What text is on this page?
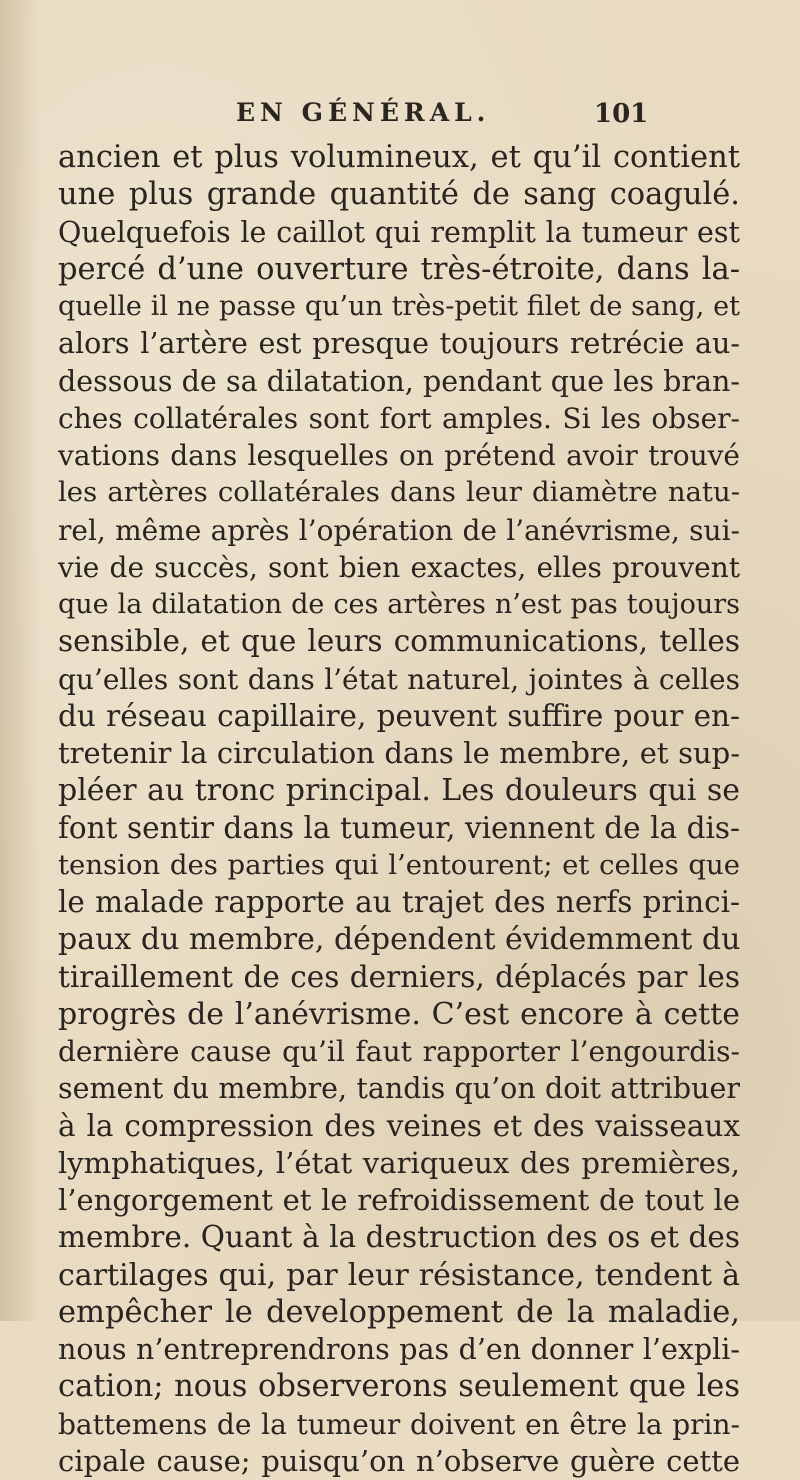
EN GÉNÉRAL.	101
ancien et plus volumineux, et qu’il contient
une plus grande quantité de sang coagulé.
Quelquefois le caillot qui remplit la tumeur est
percé d’une ouverture très-étroite, dans la-
quelle il ne passe qu’un très-petit filet de sang, et
alors l’artère est presque toujours retrécie au-
dessous de sa dilatation, pendant que les bran-
ches collatérales sont fort amples. Si les obser-
vations dans lesquelles on prétend avoir trouvé
les artères collatérales dans leur diamètre natu-
rel, même après l’opération de l’anévrisme, sui-
vie de succès, sont bien exactes, elles prouvent
que la dilatation de ces artères n’est pas toujours
sensible, et que leurs communications, telles
qu’elles sont dans l’état naturel, jointes à celles
du réseau capillaire, peuvent suffire pour en-
tretenir la circulation dans le membre, et sup-
pléer au tronc principal. Les douleurs qui se
font sentir dans la tumeur, viennent de la dis-
tension des parties qui l’entourent; et celles que
le malade rapporte au trajet des nerfs princi-
paux du membre, dépendent évidemment du
tiraillement de ces derniers, déplacés par les
progrès de l’anévrisme. C’est encore à cette
dernière cause qu’il faut rapporter l’engourdis-
sement du membre, tandis qu’on doit attribuer
à la compression des veines et des vaisseaux
lymphatiques, l’état variqueux des premières,
l’engorgement et le refroidissement de tout le
membre. Quant à la destruction des os et des
cartilages qui, par leur résistance, tendent à
empêcher le developpement de la maladie,
nous n’entreprendrons pas d’en donner l’expli-
cation; nous observerons seulement que les
battemens de la tumeur doivent en être la prin-
cipale cause; puisqu’on n’observe guère cette
